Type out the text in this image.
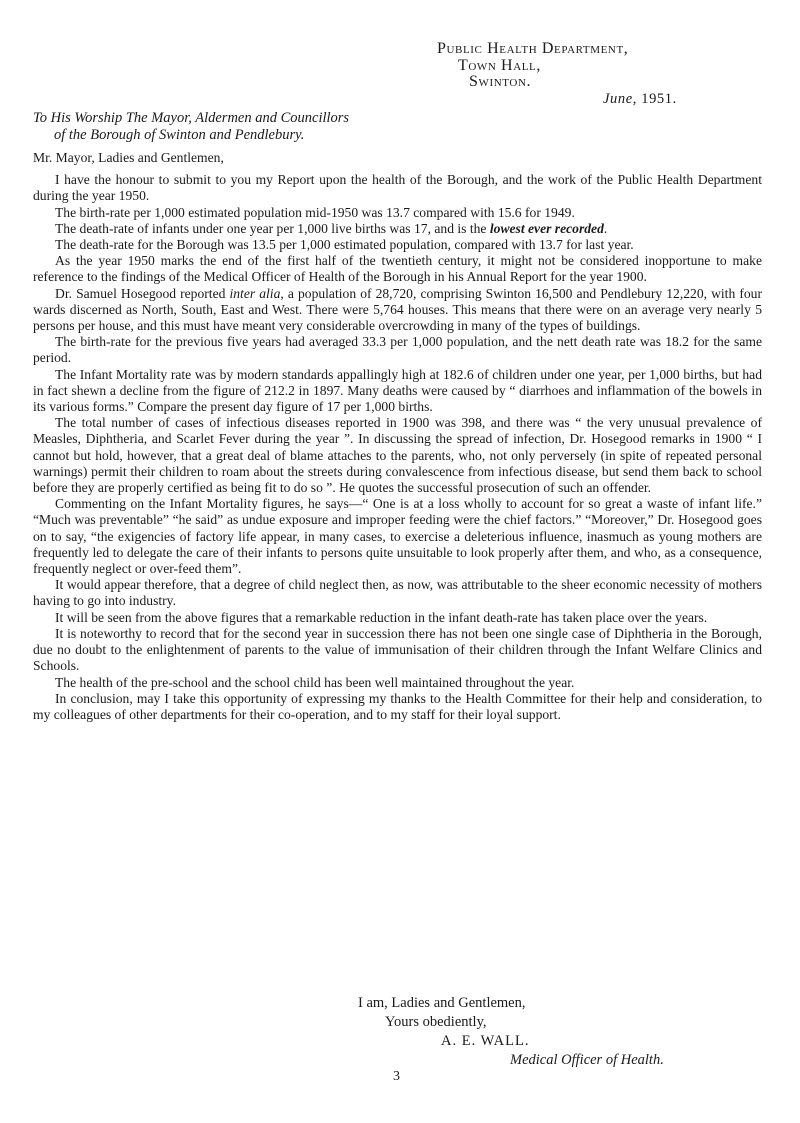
Public Health Department,
Town Hall,
Swinton.
June, 1951.
To His Worship The Mayor, Aldermen and Councillors
of the Borough of Swinton and Pendlebury.

Mr. Mayor, Ladies and Gentlemen,

I have the honour to submit to you my Report upon the health of the Borough, and the work of the Public Health Department during the year 1950.

The birth-rate per 1,000 estimated population mid-1950 was 13.7 compared with 15.6 for 1949.

The death-rate of infants under one year per 1,000 live births was 17, and is the lowest ever recorded.

The death-rate for the Borough was 13.5 per 1,000 estimated population, compared with 13.7 for last year.

As the year 1950 marks the end of the first half of the twentieth century, it might not be considered inopportune to make reference to the findings of the Medical Officer of Health of the Borough in his Annual Report for the year 1900.

Dr. Samuel Hosegood reported inter alia, a population of 28,720, comprising Swinton 16,500 and Pendlebury 12,220, with four wards discerned as North, South, East and West. There were 5,764 houses. This means that there were on an average very nearly 5 persons per house, and this must have meant very considerable overcrowding in many of the types of buildings.

The birth-rate for the previous five years had averaged 33.3 per 1,000 population, and the nett death rate was 18.2 for the same period.

The Infant Mortality rate was by modern standards appallingly high at 182.6 of children under one year, per 1,000 births, but had in fact shewn a decline from the figure of 212.2 in 1897. Many deaths were caused by “ diarrhoes and inflammation of the bowels in its various forms.” Compare the present day figure of 17 per 1,000 births.

The total number of cases of infectious diseases reported in 1900 was 398, and there was “ the very unusual prevalence of Measles, Diphtheria, and Scarlet Fever during the year ”. In discussing the spread of infection, Dr. Hosegood remarks in 1900 “ I cannot but hold, however, that a great deal of blame attaches to the parents, who, not only perversely (in spite of repeated personal warnings) permit their children to roam about the streets during convalescence from infectious disease, but send them back to school before they are properly certified as being fit to do so ”. He quotes the successful prosecution of such an offender.

Commenting on the Infant Mortality figures, he says—“ One is at a loss wholly to account for so great a waste of infant life.” “Much was preventable” “he said” as undue exposure and improper feeding were the chief factors.” “Moreover,” Dr. Hosegood goes on to say, “the exigencies of factory life appear, in many cases, to exercise a deleterious influence, inasmuch as young mothers are frequently led to delegate the care of their infants to persons quite unsuitable to look properly after them, and who, as a consequence, frequently neglect or over-feed them”.

It would appear therefore, that a degree of child neglect then, as now, was attributable to the sheer economic necessity of mothers having to go into industry.

It will be seen from the above figures that a remarkable reduction in the infant death-rate has taken place over the years.

It is noteworthy to record that for the second year in succession there has not been one single case of Diphtheria in the Borough, due no doubt to the enlightenment of parents to the value of immunisation of their children through the Infant Welfare Clinics and Schools.

The health of the pre-school and the school child has been well maintained throughout the year.

In conclusion, may I take this opportunity of expressing my thanks to the Health Committee for their help and consideration, to my colleagues of other departments for their co-operation, and to my staff for their loyal support.

I am, Ladies and Gentlemen,
Yours obediently,
A. E. WALL.
Medical Officer of Health.
3
